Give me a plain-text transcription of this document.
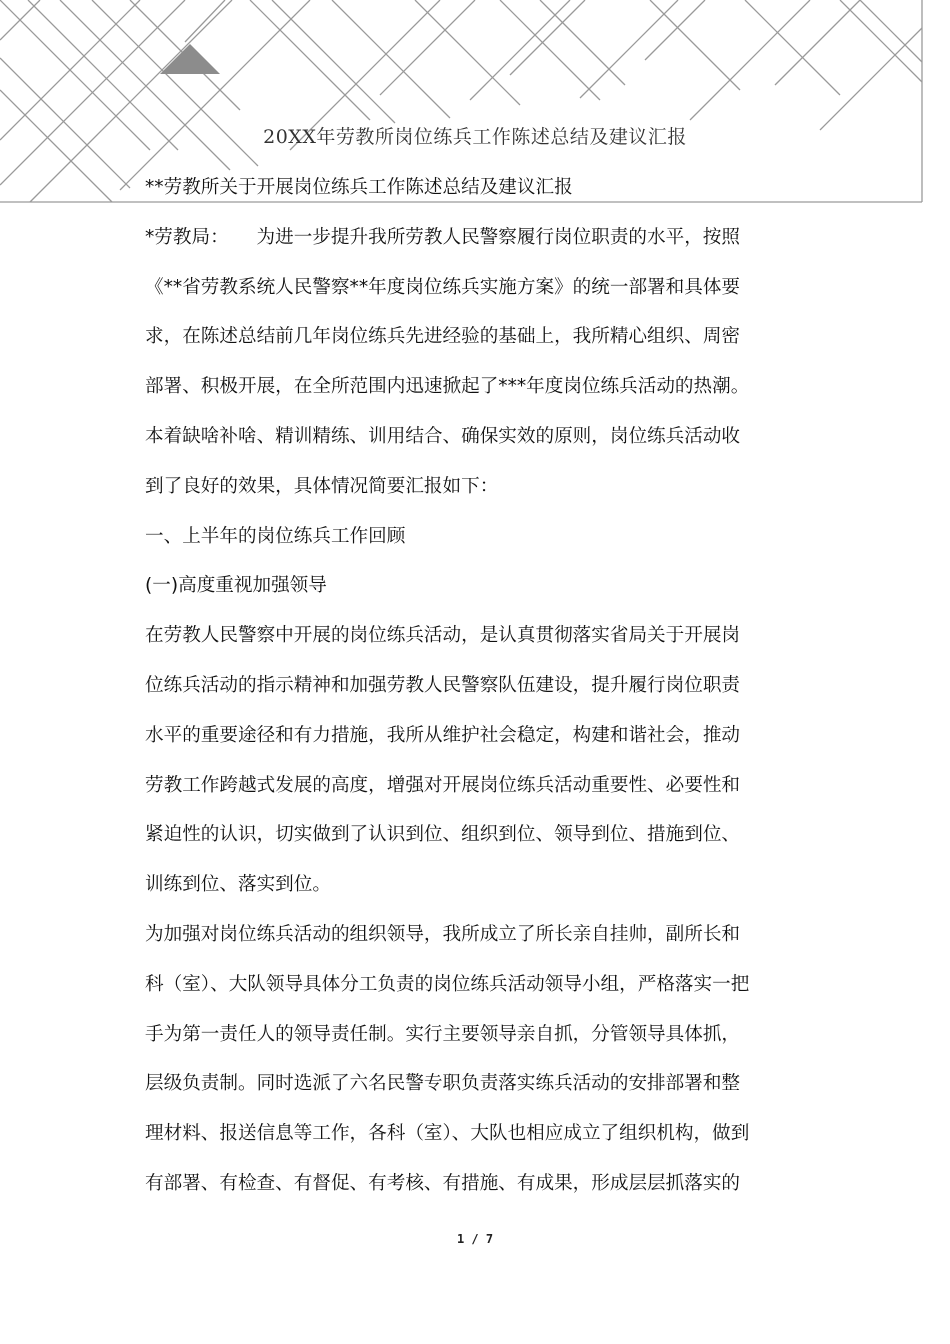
20XX年劳教所岗位练兵工作陈述总结及建议汇报
**劳教所关于开展岗位练兵工作陈述总结及建议汇报
*劳教局：　　为进一步提升我所劳教人民警察履行岗位职责的水平，按照
《**省劳教系统人民警察**年度岗位练兵实施方案》的统一部署和具体要
求，在陈述总结前几年岗位练兵先进经验的基础上，我所精心组织、周密
部署、积极开展，在全所范围内迅速掀起了***年度岗位练兵活动的热潮。
本着缺啥补啥、精训精练、训用结合、确保实效的原则，岗位练兵活动收
到了良好的效果，具体情况简要汇报如下：
一、上半年的岗位练兵工作回顾
(一)高度重视加强领导
在劳教人民警察中开展的岗位练兵活动，是认真贯彻落实省局关于开展岗
位练兵活动的指示精神和加强劳教人民警察队伍建设，提升履行岗位职责
水平的重要途径和有力措施，我所从维护社会稳定，构建和谐社会，推动
劳教工作跨越式发展的高度，增强对开展岗位练兵活动重要性、必要性和
紧迫性的认识，切实做到了认识到位、组织到位、领导到位、措施到位、
训练到位、落实到位。
为加强对岗位练兵活动的组织领导，我所成立了所长亲自挂帅，副所长和
科（室）、大队领导具体分工负责的岗位练兵活动领导小组，严格落实一把
手为第一责任人的领导责任制。实行主要领导亲自抓，分管领导具体抓，
层级负责制。同时选派了六名民警专职负责落实练兵活动的安排部署和整
理材料、报送信息等工作，各科（室）、大队也相应成立了组织机构，做到
有部署、有检查、有督促、有考核、有措施、有成果，形成层层抓落实的
1 / 7
